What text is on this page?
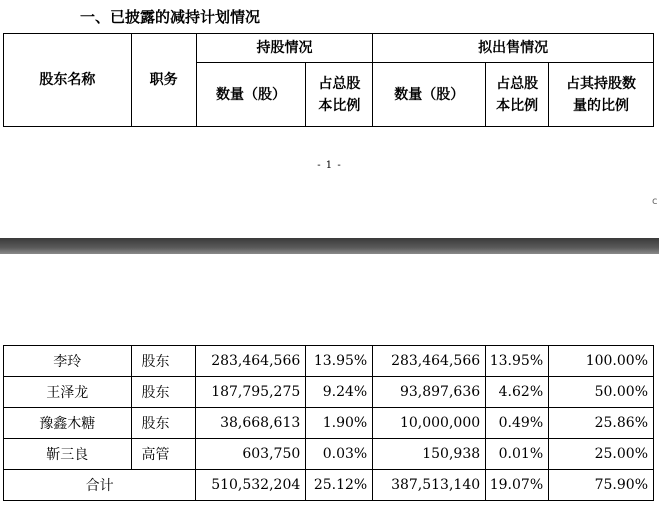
一、已披露的减持计划情况
股东名称	职务	持股情况		拟出售情况		
		数量（股）	占总股本比例	数量（股）	占总股本比例	占其持股数量的比例
- 1 -
c
李玲	股东	283,464,566	13.95%	283,464,566	13.95%	100.00%
王泽龙	股东	187,795,275	9.24%	93,897,636	4.62%	50.00%
豫鑫木糖	股东	38,668,613	1.90%	10,000,000	0.49%	25.86%
靳三良	高管	603,750	0.03%	150,938	0.01%	25.00%
合计		510,532,204	25.12%	387,513,140	19.07%	75.90%
